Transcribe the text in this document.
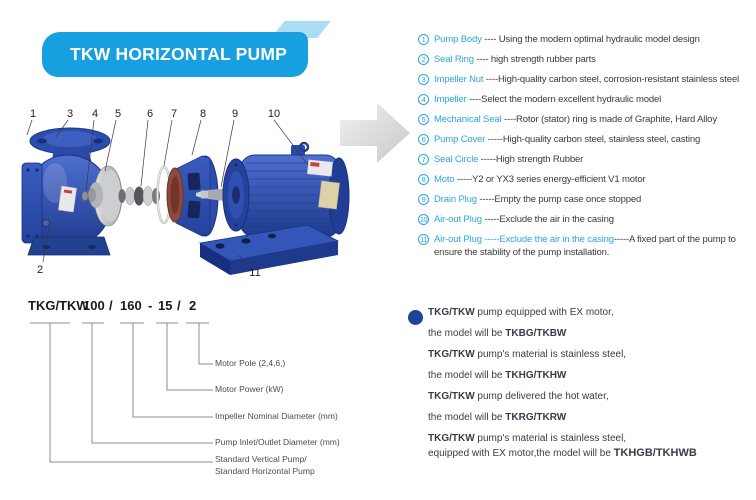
TKW HORIZONTAL PUMP
1
2
3 4 5 6 7 8 9	10
11
1 Pump Body ---- Using the modern optimal hydraulic model design
2 Seal Ring ---- high strength rubber parts
3 Impeller Nut ----High-quality carbon steel, corrosion-resistant stainless steel
4 Impeller ----Select the modern excellent hydraulic model
5 Mechanical Seal ----Rotor (stator) ring is made of Graphite, Hard Alloy
6 Pump Cover -----High-quality carbon steel, stainless steel, casting
7 Seal Circle -----High strength Rubber
8 Moto -----Y2 or YX3 series energy-efficient V1 motor
9 Drain Plug -----Empty the pump case once stopped
10 Air-out Plug -----Exclude the air in the casing
11 Air-out Plug -----Exclude the air in the casing-----A fixed part of the pump to ensure the stability of the pump installation.
TKG/TKW
100 / 160 - 15 / 2
Motor Pole (2,4,6,)
Motor Power (kW)
Impeller Nominal Diameter (mm)
Pump Inlet/Outlet Diameter (mm)
Standard Vertical Pump/
Standard Horizontal Pump

TKG/TKW pump equipped with EX motor,

the model will be TKBG/TKBW

TKG/TKW pump's material is stainless steel,

the model will be TKHG/TKHW

TKG/TKW pump delivered the hot water,

the model will be TKRG/TKRW

TKG/TKW pump's material is stainless steel,

equipped with EX motor,the model will be TKHGB/TKHWB
